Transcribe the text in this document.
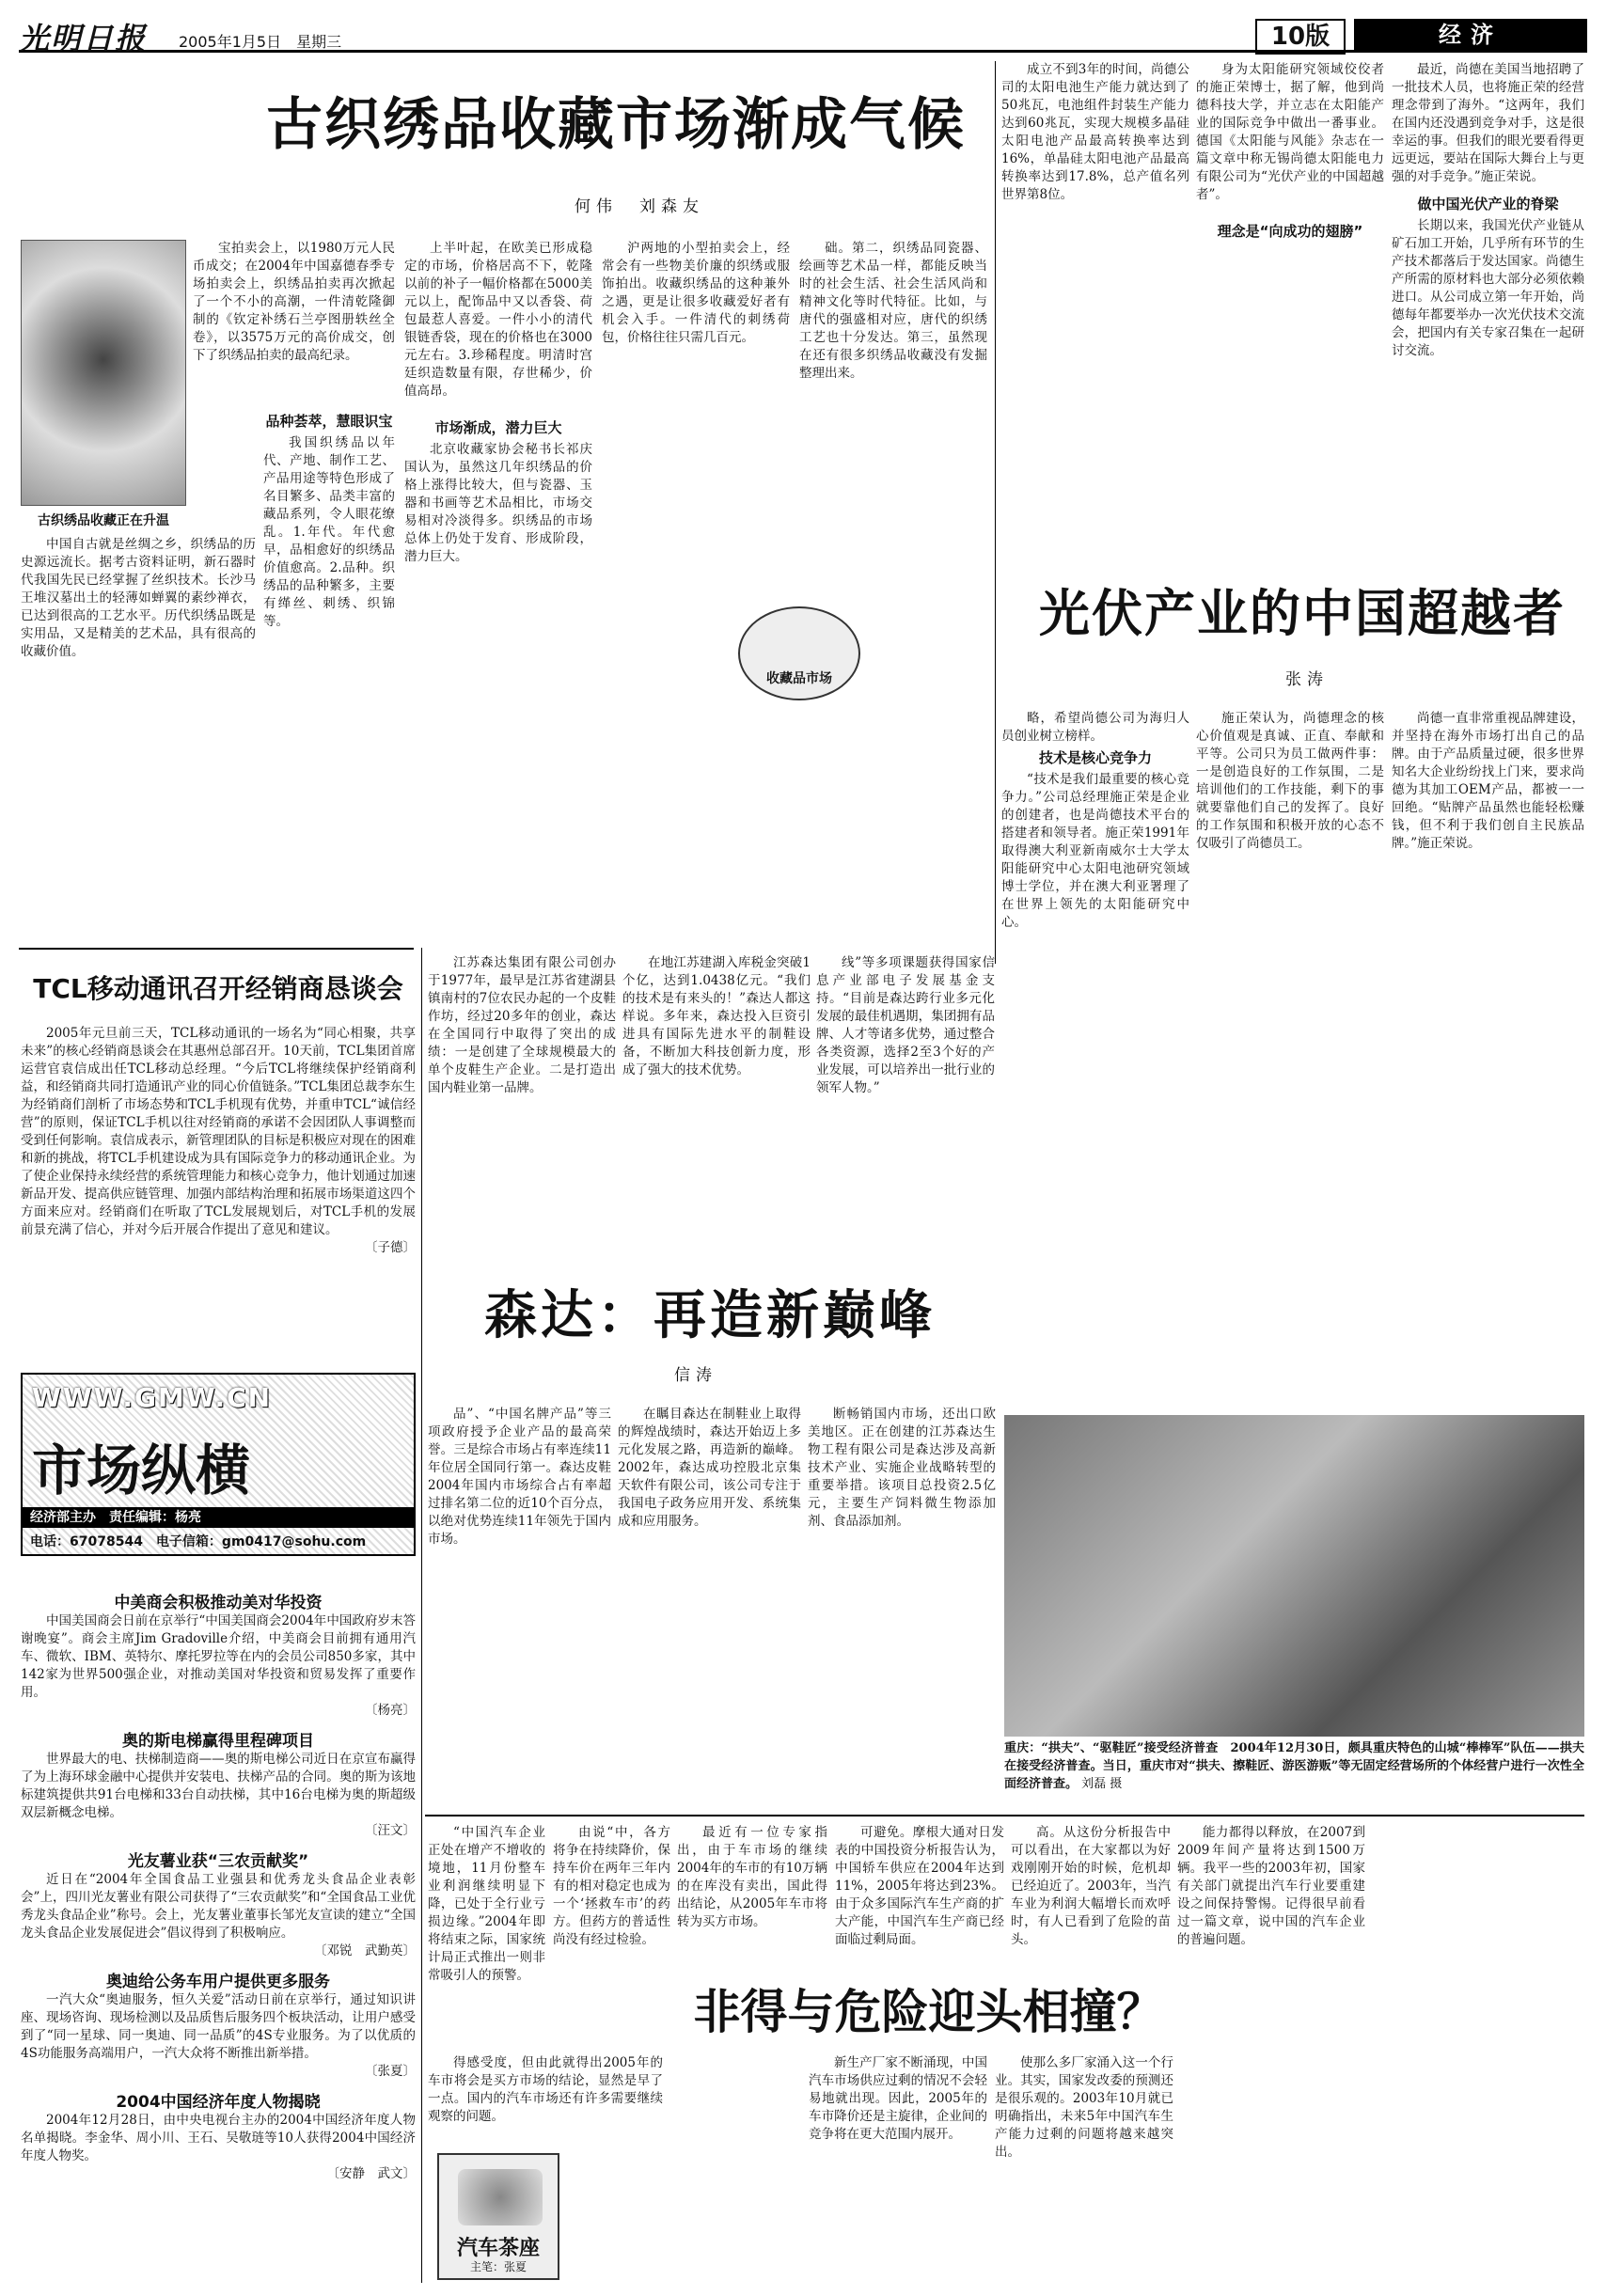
光明日报 2005年1月5日　星期三	10版	经济
古织绣品收藏市场渐成气候
何伟　刘森友
古织绣品收藏正在升温

中国自古就是丝绸之乡，织绣品的历史源远流长。据考古资料证明，新石器时代我国先民已经掌握了丝织技术。长沙马王堆汉墓出土的轻薄如蝉翼的素纱禅衣，已达到很高的工艺水平。历代织绣品既是实用品，又是精美的艺术品，具有很高的收藏价值。

宝拍卖会上，以1980万元人民币成交；在2004年中国嘉德春季专场拍卖会上，织绣品拍卖再次掀起了一个不小的高潮，一件清乾隆御制的《钦定补绣石兰亭图册轶丝全卷》，以3575万元的高价成交，创下了织绣品拍卖的最高纪录。

品种荟萃，慧眼识宝

我国织绣品以年代、产地、制作工艺、产品用途等特色形成了名目繁多、品类丰富的藏品系列，令人眼花缭乱。1.年代。年代愈早，品相愈好的织绣品价值愈高。2.品种。织绣品的品种繁多，主要有缂丝、刺绣、织锦等。

上半叶起，在欧美已形成稳定的市场，价格居高不下，乾隆以前的补子一幅价格都在5000美元以上，配饰品中又以香袋、荷包最惹人喜爱。一件小小的清代银链香袋，现在的价格也在3000元左右。3.珍稀程度。明清时宫廷织造数量有限，存世稀少，价值高昂。

市场渐成，潜力巨大

北京收藏家协会秘书长祁庆国认为，虽然这几年织绣品的价格上涨得比较大，但与瓷器、玉器和书画等艺术品相比，市场交易相对冷淡得多。织绣品的市场总体上仍处于发育、形成阶段，潜力巨大。

沪两地的小型拍卖会上，经常会有一些物美价廉的织绣或服饰拍出。收藏织绣品的这种兼外之遇，更是让很多收藏爱好者有机会入手。一件清代的刺绣荷包，价格往往只需几百元。

收藏品市场

础。第二，织绣品同瓷器、绘画等艺术品一样，都能反映当时的社会生活、社会生活风尚和精神文化等时代特征。比如，与唐代的强盛相对应，唐代的织绣工艺也十分发达。第三，虽然现在还有很多织绣品收藏没有发掘整理出来。

成立不到3年的时间，尚德公司的太阳电池生产能力就达到了50兆瓦，电池组件封装生产能力达到60兆瓦，实现大规模多晶硅太阳电池产品最高转换率达到16%，单晶硅太阳电池产品最高转换率达到17.8%，总产值名列世界第8位。

身为太阳能研究领域佼佼者的施正荣博士，据了解，他到尚德科技大学，并立志在太阳能产业的国际竞争中做出一番事业。德国《太阳能与风能》杂志在一篇文章中称无锡尚德太阳能电力有限公司为“光伏产业的中国超越者”。

理念是“向成功的翅膀”

最近，尚德在美国当地招聘了一批技术人员，也将施正荣的经营理念带到了海外。“这两年，我们在国内还没遇到竞争对手，这是很幸运的事。但我们的眼光要看得更远更远，要站在国际大舞台上与更强的对手竞争。”施正荣说。

做中国光伏产业的脊梁

长期以来，我国光伏产业链从矿石加工开始，几乎所有环节的生产技术都落后于发达国家。尚德生产所需的原材料也大部分必须依赖进口。从公司成立第一年开始，尚德每年都要举办一次光伏技术交流会，把国内有关专家召集在一起研讨交流。

光伏产业的中国超越者
张涛

略，希望尚德公司为海归人员创业树立榜样。

技术是核心竞争力

“技术是我们最重要的核心竞争力。”公司总经理施正荣是企业的创建者，也是尚德技术平台的搭建者和领导者。施正荣1991年取得澳大利亚新南威尔士大学太阳能研究中心太阳电池研究领域博士学位，并在澳大利亚署理了在世界上领先的太阳能研究中心。

施正荣认为，尚德理念的核心价值观是真诚、正直、奉献和平等。公司只为员工做两件事：一是创造良好的工作氛围，二是培训他们的工作技能，剩下的事就要靠他们自己的发挥了。良好的工作氛围和积极开放的心态不仅吸引了尚德员工。

尚德一直非常重视品牌建设，并坚持在海外市场打出自己的品牌。由于产品质量过硬，很多世界知名大企业纷纷找上门来，要求尚德为其加工OEM产品，都被一一回绝。“贴牌产品虽然也能轻松赚钱，但不利于我们创自主民族品牌。”施正荣说。

TCL移动通讯召开经销商恳谈会

2005年元旦前三天，TCL移动通讯的一场名为“同心相聚，共享未来”的核心经销商恳谈会在其惠州总部召开。10天前，TCL集团首席运营官袁信成出任TCL移动总经理。“今后TCL将继续保护经销商利益，和经销商共同打造通讯产业的同心价值链条。”TCL集团总裁李东生为经销商们剖析了市场态势和TCL手机现有优势，并重申TCL“诚信经营”的原则，保证TCL手机以往对经销商的承诺不会因团队人事调整而受到任何影响。袁信成表示，新管理团队的目标是积极应对现在的困难和新的挑战，将TCL手机建设成为具有国际竞争力的移动通讯企业。为了使企业保持永续经营的系统管理能力和核心竞争力，他计划通过加速新品开发、提高供应链管理、加强内部结构治理和拓展市场渠道这四个方面来应对。经销商们在听取了TCL发展规划后，对TCL手机的发展前景充满了信心，并对今后开展合作提出了意见和建议。

〔子德〕
WWW.GMW.CN
市场纵横
经济部主办　 责任编辑：杨亮
电话：67078544　 电子信箱：gm0417@sohu.com
中美商会积极推动美对华投资

中国美国商会日前在京举行“中国美国商会2004年中国政府岁末答谢晚宴”。商会主席Jim Gradoville介绍，中美商会目前拥有通用汽车、微软、IBM、英特尔、摩托罗拉等在内的会员公司850多家，其中142家为世界500强企业，对推动美国对华投资和贸易发挥了重要作用。

〔杨亮〕
奥的斯电梯赢得里程碑项目

世界最大的电、扶梯制造商——奥的斯电梯公司近日在京宣布赢得了为上海环球金融中心提供并安装电、扶梯产品的合同。奥的斯为该地标建筑提供共91台电梯和33台自动扶梯，其中16台电梯为奥的斯超级双层新概念电梯。

〔汪文〕
光友薯业获“三农贡献奖”

近日在“2004年全国食品工业强县和优秀龙头食品企业表彰会”上，四川光友薯业有限公司获得了“三农贡献奖”和“全国食品工业优秀龙头食品企业”称号。会上，光友薯业董事长邹光友宣读的建立“全国龙头食品企业发展促进会”倡议得到了积极响应。

〔邓锐　武勤英〕
奥迪给公务车用户提供更多服务

一汽大众“奥迪服务，恒久关爱”活动日前在京举行，通过知识讲座、现场咨询、现场检测以及品质售后服务四个板块活动，让用户感受到了“同一星球、同一奥迪、同一品质”的4S专业服务。为了以优质的4S功能服务高端用户，一汽大众将不断推出新举措。

〔张夏〕
2004中国经济年度人物揭晓

2004年12月28日，由中央电视台主办的2004中国经济年度人物名单揭晓。李金华、周小川、王石、吴敬琏等10人获得2004中国经济年度人物奖。

〔安静　武文〕

江苏森达集团有限公司创办于1977年，最早是江苏省建湖县镇南村的7位农民办起的一个皮鞋作坊，经过20多年的创业，森达在全国同行中取得了突出的成绩：一是创建了全球规模最大的单个皮鞋生产企业。二是打造出国内鞋业第一品牌。

在地江苏建湖入库税金突破1个亿，达到1.0438亿元。“我们的技术是有来头的！”森达人都这样说。多年来，森达投入巨资引进具有国际先进水平的制鞋设备，不断加大科技创新力度，形成了强大的技术优势。

线”等多项课题获得国家信息产业部电子发展基金支持。“目前是森达跨行业多元化发展的最佳机遇期，集团拥有品牌、人才等诸多优势，通过整合各类资源，选择2至3个好的产业发展，可以培养出一批行业的领军人物。”

森达：再造新巅峰
信涛

品”、“中国名牌产品”等三项政府授予企业产品的最高荣誉。三是综合市场占有率连续11年位居全国同行第一。森达皮鞋2004年国内市场综合占有率超过排名第二位的近10个百分点，以绝对优势连续11年领先于国内市场。

在瞩目森达在制鞋业上取得的辉煌战绩时，森达开始迈上多元化发展之路，再造新的巅峰。2002年，森达成功控股北京集天软件有限公司，该公司专注于我国电子政务应用开发、系统集成和应用服务。

断畅销国内市场，还出口欧美地区。正在创建的江苏森达生物工程有限公司是森达涉及高新技术产业、实施企业战略转型的重要举措。该项目总投资2.5亿元，主要生产饲料微生物添加剂、食品添加剂。

重庆：“拱夫”、“驱鞋匠”接受经济普查　2004年12月30日，颇具重庆特色的山城“棒棒军”队伍——拱夫在接受经济普查。当日，重庆市对“拱夫、擦鞋匠、游医游贩”等无固定经营场所的个体经营户进行一次性全面经济普查。 刘磊 摄

“中国汽车企业正处在增产不增收的境地，11月份整车业利润继续明显下降，已处于全行业亏损边缘。”2004年即将结束之际，国家统计局正式推出一则非常吸引人的预警。

由说“中，各方将争在持续降价，保持车价在两年三年内有的相对稳定也成为一个‘拯救车市’的药方。但药方的普适性尚没有经过检验。

最近有一位专家指出，由于车市场的继续2004年的车市的有10万辆的在库没有卖出，国此得出结论，从2005年车市将转为买方市场。

可避免。摩根大通对日发表的中国投资分析报告认为，中国轿车供应在2004年达到11%，2005年将达到23%。由于众多国际汽车生产商的扩大产能，中国汽车生产商已经面临过剩局面。

高。从这份分析报告中可以看出，在大家都以为好戏刚刚开始的时候，危机却已经迫近了。2003年，当汽车业为利润大幅增长而欢呼时，有人已看到了危险的苗头。

能力都得以释放，在2007到2009年间产量将达到1500万辆。我平一些的2003年初，国家有关部门就提出汽车行业要重建设之间保持警惕。记得很早前看过一篇文章，说中国的汽车企业的普遍问题。

非得与危险迎头相撞？

得感受度，但由此就得出2005年的车市将会是买方市场的结论，显然是早了一点。国内的汽车市场还有许多需要继续观察的问题。

新生产厂家不断涌现，中国汽车市场供应过剩的情况不会轻易地就出现。因此，2005年的车市降价还是主旋律，企业间的竞争将在更大范围内展开。

使那么多厂家涌入这一个行业。其实，国家发改委的预测还是很乐观的。2003年10月就已明确指出，未来5年中国汽车生产能力过剩的问题将越来越突出。

汽车茶座
主笔：张夏
